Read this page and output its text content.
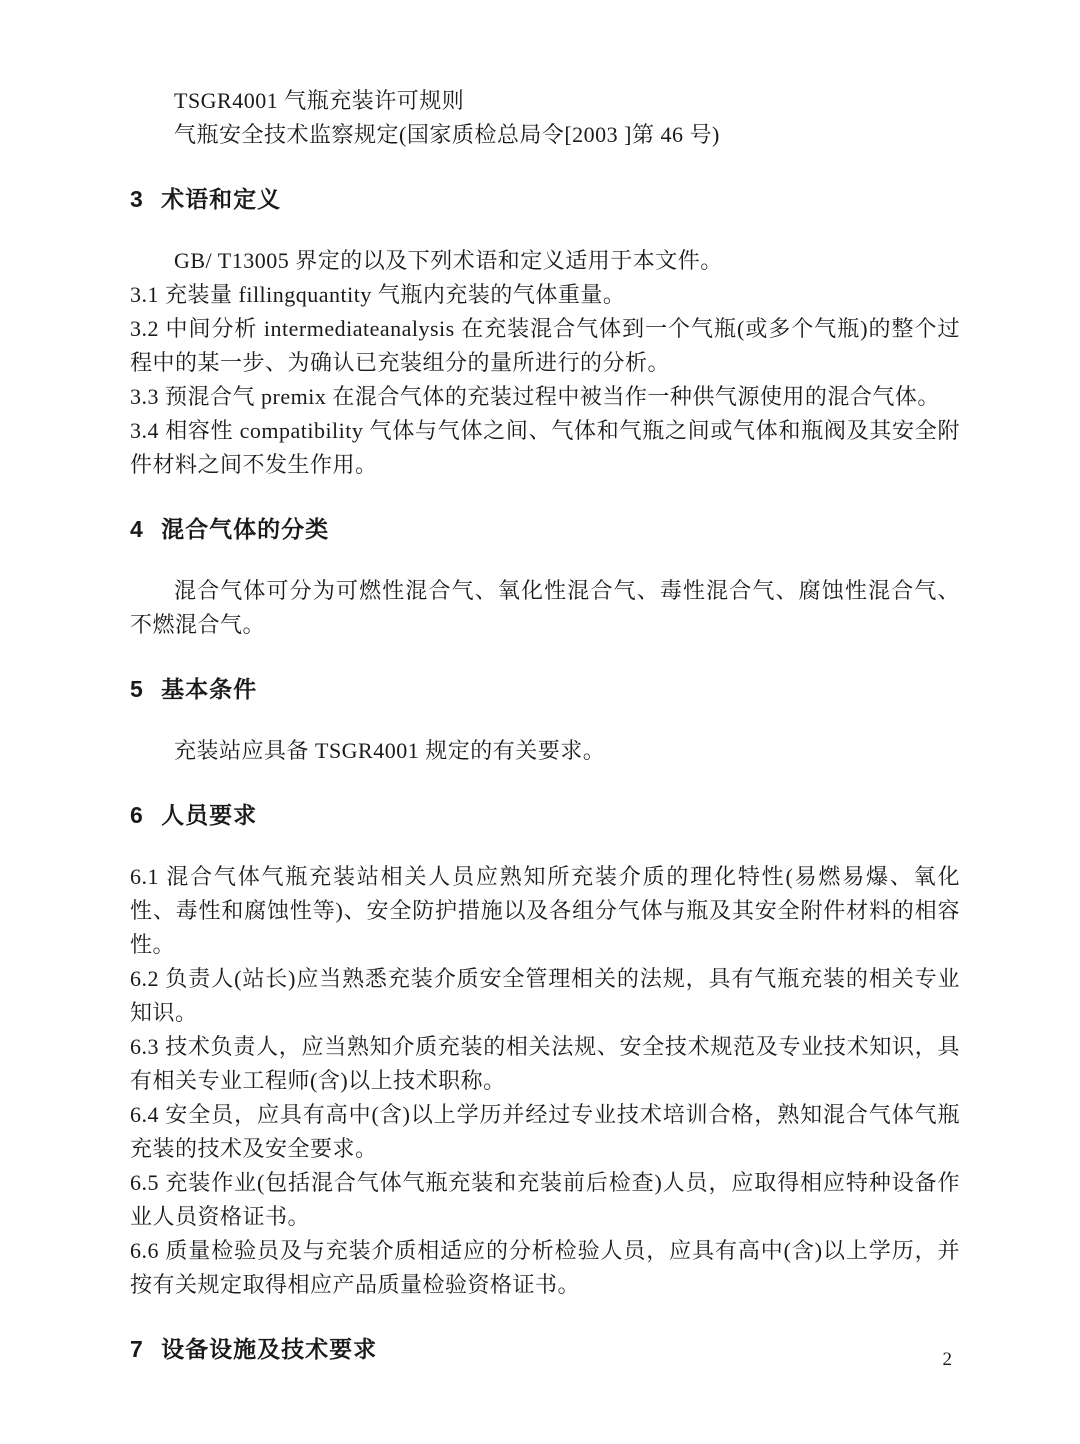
TSGR4001 气瓶充装许可规则

气瓶安全技术监察规定(国家质检总局令[2003 ]第 46 号)

3 术语和定义

GB/ T13005 界定的以及下列术语和定义适用于本文件。

3.1 充装量 fillingquantity 气瓶内充装的气体重量。

3.2 中间分析 intermediateanalysis 在充装混合气体到一个气瓶(或多个气瓶)的整个过程中的某一步、为确认已充装组分的量所进行的分析。

3.3 预混合气 premix 在混合气体的充装过程中被当作一种供气源使用的混合气体。

3.4 相容性 compatibility 气体与气体之间、气体和气瓶之间或气体和瓶阀及其安全附件材料之间不发生作用。

4 混合气体的分类

混合气体可分为可燃性混合气、氧化性混合气、毒性混合气、腐蚀性混合气、不燃混合气。

5 基本条件

充装站应具备 TSGR4001 规定的有关要求。

6 人员要求

6.1 混合气体气瓶充装站相关人员应熟知所充装介质的理化特性(易燃易爆、氧化性、毒性和腐蚀性等)、安全防护措施以及各组分气体与瓶及其安全附件材料的相容性。

6.2 负责人(站长)应当熟悉充装介质安全管理相关的法规，具有气瓶充装的相关专业知识。

6.3 技术负责人，应当熟知介质充装的相关法规、安全技术规范及专业技术知识，具有相关专业工程师(含)以上技术职称。

6.4 安全员，应具有高中(含)以上学历并经过专业技术培训合格，熟知混合气体气瓶充装的技术及安全要求。

6.5 充装作业(包括混合气体气瓶充装和充装前后检查)人员，应取得相应特种设备作业人员资格证书。

6.6 质量检验员及与充装介质相适应的分析检验人员，应具有高中(含)以上学历，并按有关规定取得相应产品质量检验资格证书。

7 设备设施及技术要求	2
